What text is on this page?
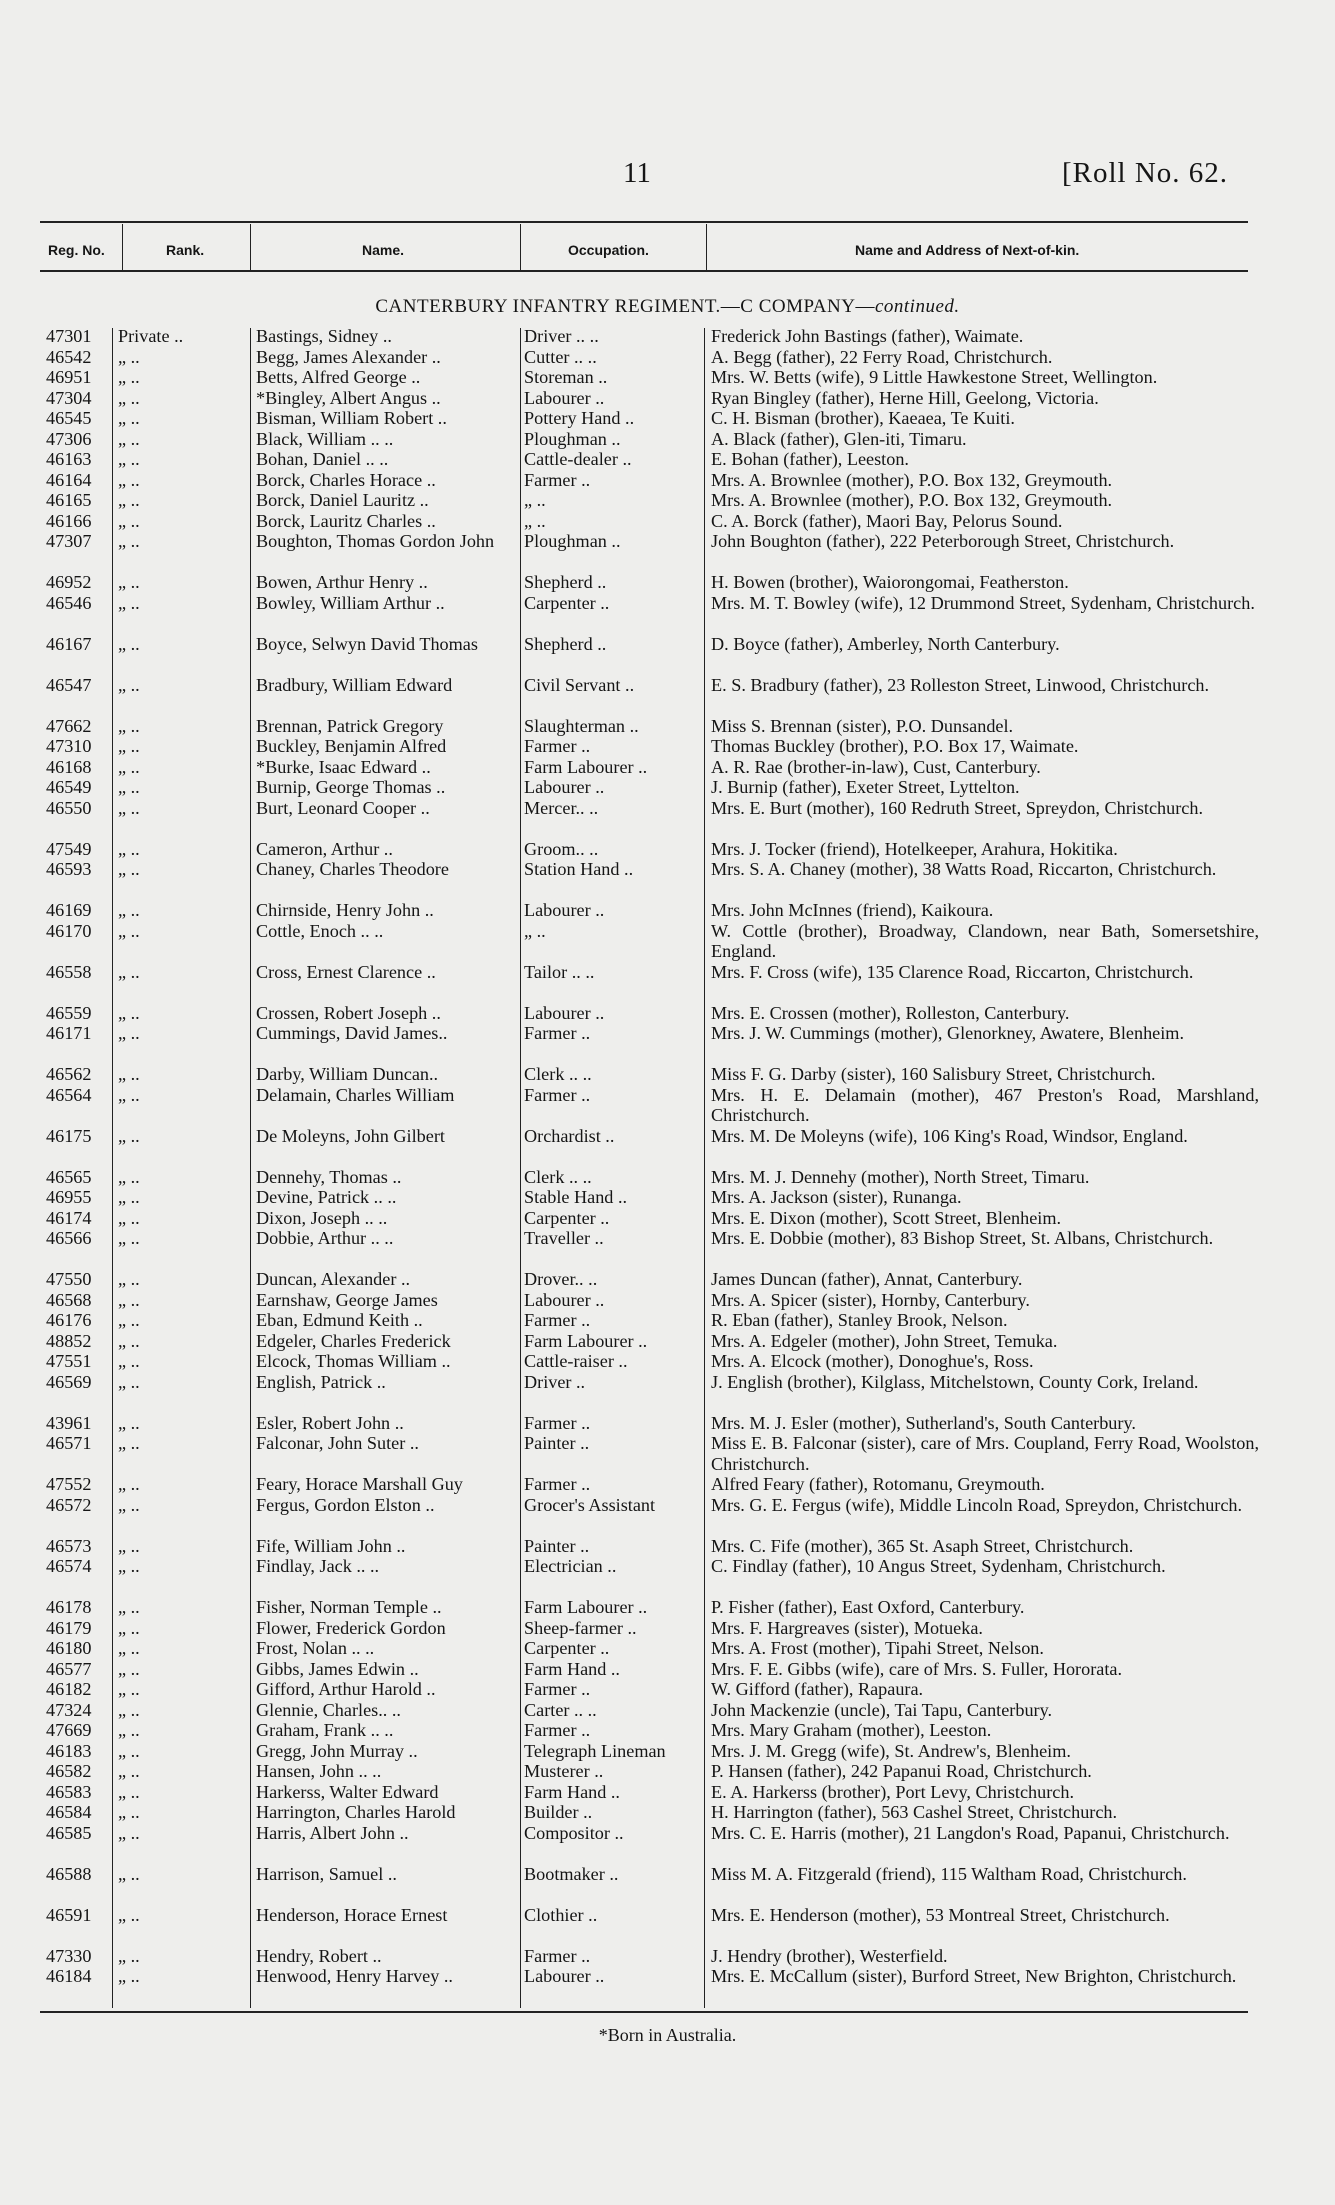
11	[Roll No. 62.
Reg. No.	Rank.	Name.	Occupation.	Name and Address of Next-of-kin.
CANTERBURY INFANTRY REGIMENT.—C COMPANY—continued.
47301	Private ..	Bastings, Sidney ..	Driver .. ..	Frederick John Bastings (father), Waimate.
46542	„ ..	Begg, James Alexander ..	Cutter .. ..	A. Begg (father), 22 Ferry Road, Christchurch.
46951	„ ..	Betts, Alfred George ..	Storeman ..	Mrs. W. Betts (wife), 9 Little Hawkestone Street, Wellington.
47304	„ ..	*Bingley, Albert Angus ..	Labourer ..	Ryan Bingley (father), Herne Hill, Geelong, Victoria.
46545	„ ..	Bisman, William Robert ..	Pottery Hand ..	C. H. Bisman (brother), Kaeaea, Te Kuiti.
47306	„ ..	Black, William .. ..	Ploughman ..	A. Black (father), Glen-iti, Timaru.
46163	„ ..	Bohan, Daniel .. ..	Cattle-dealer ..	E. Bohan (father), Leeston.
46164	„ ..	Borck, Charles Horace ..	Farmer ..	Mrs. A. Brownlee (mother), P.O. Box 132, Greymouth.
46165	„ ..	Borck, Daniel Lauritz ..	„ ..	Mrs. A. Brownlee (mother), P.O. Box 132, Greymouth.
46166	„ ..	Borck, Lauritz Charles ..	„ ..	C. A. Borck (father), Maori Bay, Pelorus Sound.
47307	„ ..	Boughton, Thomas Gordon John	Ploughman ..	John Boughton (father), 222 Peterborough Street, Christchurch.
46952	„ ..	Bowen, Arthur Henry ..	Shepherd ..	H. Bowen (brother), Waiorongomai, Featherston.
46546	„ ..	Bowley, William Arthur ..	Carpenter ..	Mrs. M. T. Bowley (wife), 12 Drummond Street, Sydenham, Christchurch.
46167	„ ..	Boyce, Selwyn David Thomas	Shepherd ..	D. Boyce (father), Amberley, North Canterbury.
46547	„ ..	Bradbury, William Edward	Civil Servant ..	E. S. Bradbury (father), 23 Rolleston Street, Linwood, Christchurch.
47662	„ ..	Brennan, Patrick Gregory	Slaughterman ..	Miss S. Brennan (sister), P.O. Dunsandel.
47310	„ ..	Buckley, Benjamin Alfred	Farmer ..	Thomas Buckley (brother), P.O. Box 17, Waimate.
46168	„ ..	*Burke, Isaac Edward ..	Farm Labourer ..	A. R. Rae (brother-in-law), Cust, Canterbury.
46549	„ ..	Burnip, George Thomas ..	Labourer ..	J. Burnip (father), Exeter Street, Lyttelton.
46550	„ ..	Burt, Leonard Cooper ..	Mercer.. ..	Mrs. E. Burt (mother), 160 Redruth Street, Spreydon, Christchurch.
47549	„ ..	Cameron, Arthur ..	Groom.. ..	Mrs. J. Tocker (friend), Hotelkeeper, Arahura, Hokitika.
46593	„ ..	Chaney, Charles Theodore	Station Hand ..	Mrs. S. A. Chaney (mother), 38 Watts Road, Riccarton, Christchurch.
46169	„ ..	Chirnside, Henry John ..	Labourer ..	Mrs. John McInnes (friend), Kaikoura.
46170	„ ..	Cottle, Enoch .. ..	„ ..	W. Cottle (brother), Broadway, Clandown, near Bath, Somersetshire, England.
46558	„ ..	Cross, Ernest Clarence ..	Tailor .. ..	Mrs. F. Cross (wife), 135 Clarence Road, Riccarton, Christchurch.
46559	„ ..	Crossen, Robert Joseph ..	Labourer ..	Mrs. E. Crossen (mother), Rolleston, Canterbury.
46171	„ ..	Cummings, David James..	Farmer ..	Mrs. J. W. Cummings (mother), Glenorkney, Awatere, Blenheim.
46562	„ ..	Darby, William Duncan..	Clerk .. ..	Miss F. G. Darby (sister), 160 Salisbury Street, Christchurch.
46564	„ ..	Delamain, Charles William	Farmer ..	Mrs. H. E. Delamain (mother), 467 Preston's Road, Marshland, Christchurch.
46175	„ ..	De Moleyns, John Gilbert	Orchardist ..	Mrs. M. De Moleyns (wife), 106 King's Road, Windsor, England.
46565	„ ..	Dennehy, Thomas ..	Clerk .. ..	Mrs. M. J. Dennehy (mother), North Street, Timaru.
46955	„ ..	Devine, Patrick .. ..	Stable Hand ..	Mrs. A. Jackson (sister), Runanga.
46174	„ ..	Dixon, Joseph .. ..	Carpenter ..	Mrs. E. Dixon (mother), Scott Street, Blenheim.
46566	„ ..	Dobbie, Arthur .. ..	Traveller ..	Mrs. E. Dobbie (mother), 83 Bishop Street, St. Albans, Christchurch.
47550	„ ..	Duncan, Alexander ..	Drover.. ..	James Duncan (father), Annat, Canterbury.
46568	„ ..	Earnshaw, George James	Labourer ..	Mrs. A. Spicer (sister), Hornby, Canterbury.
46176	„ ..	Eban, Edmund Keith ..	Farmer ..	R. Eban (father), Stanley Brook, Nelson.
48852	„ ..	Edgeler, Charles Frederick	Farm Labourer ..	Mrs. A. Edgeler (mother), John Street, Temuka.
47551	„ ..	Elcock, Thomas William ..	Cattle-raiser ..	Mrs. A. Elcock (mother), Donoghue's, Ross.
46569	„ ..	English, Patrick ..	Driver ..	J. English (brother), Kilglass, Mitchelstown, County Cork, Ireland.
43961	„ ..	Esler, Robert John ..	Farmer ..	Mrs. M. J. Esler (mother), Sutherland's, South Canterbury.
46571	„ ..	Falconar, John Suter ..	Painter ..	Miss E. B. Falconar (sister), care of Mrs. Coupland, Ferry Road, Woolston, Christchurch.
47552	„ ..	Feary, Horace Marshall Guy	Farmer ..	Alfred Feary (father), Rotomanu, Greymouth.
46572	„ ..	Fergus, Gordon Elston ..	Grocer's Assistant	Mrs. G. E. Fergus (wife), Middle Lincoln Road, Spreydon, Christchurch.
46573	„ ..	Fife, William John ..	Painter ..	Mrs. C. Fife (mother), 365 St. Asaph Street, Christchurch.
46574	„ ..	Findlay, Jack .. ..	Electrician ..	C. Findlay (father), 10 Angus Street, Sydenham, Christchurch.
46178	„ ..	Fisher, Norman Temple ..	Farm Labourer ..	P. Fisher (father), East Oxford, Canterbury.
46179	„ ..	Flower, Frederick Gordon	Sheep-farmer ..	Mrs. F. Hargreaves (sister), Motueka.
46180	„ ..	Frost, Nolan .. ..	Carpenter ..	Mrs. A. Frost (mother), Tipahi Street, Nelson.
46577	„ ..	Gibbs, James Edwin ..	Farm Hand ..	Mrs. F. E. Gibbs (wife), care of Mrs. S. Fuller, Hororata.
46182	„ ..	Gifford, Arthur Harold ..	Farmer ..	W. Gifford (father), Rapaura.
47324	„ ..	Glennie, Charles.. ..	Carter .. ..	John Mackenzie (uncle), Tai Tapu, Canterbury.
47669	„ ..	Graham, Frank .. ..	Farmer ..	Mrs. Mary Graham (mother), Leeston.
46183	„ ..	Gregg, John Murray ..	Telegraph Lineman	Mrs. J. M. Gregg (wife), St. Andrew's, Blenheim.
46582	„ ..	Hansen, John .. ..	Musterer ..	P. Hansen (father), 242 Papanui Road, Christchurch.
46583	„ ..	Harkerss, Walter Edward	Farm Hand ..	E. A. Harkerss (brother), Port Levy, Christchurch.
46584	„ ..	Harrington, Charles Harold	Builder ..	H. Harrington (father), 563 Cashel Street, Christchurch.
46585	„ ..	Harris, Albert John ..	Compositor ..	Mrs. C. E. Harris (mother), 21 Langdon's Road, Papanui, Christchurch.
46588	„ ..	Harrison, Samuel ..	Bootmaker ..	Miss M. A. Fitzgerald (friend), 115 Waltham Road, Christchurch.
46591	„ ..	Henderson, Horace Ernest	Clothier ..	Mrs. E. Henderson (mother), 53 Montreal Street, Christchurch.
47330	„ ..	Hendry, Robert ..	Farmer ..	J. Hendry (brother), Westerfield.
46184	„ ..	Henwood, Henry Harvey ..	Labourer ..	Mrs. E. McCallum (sister), Burford Street, New Brighton, Christchurch.
*Born in Australia.
